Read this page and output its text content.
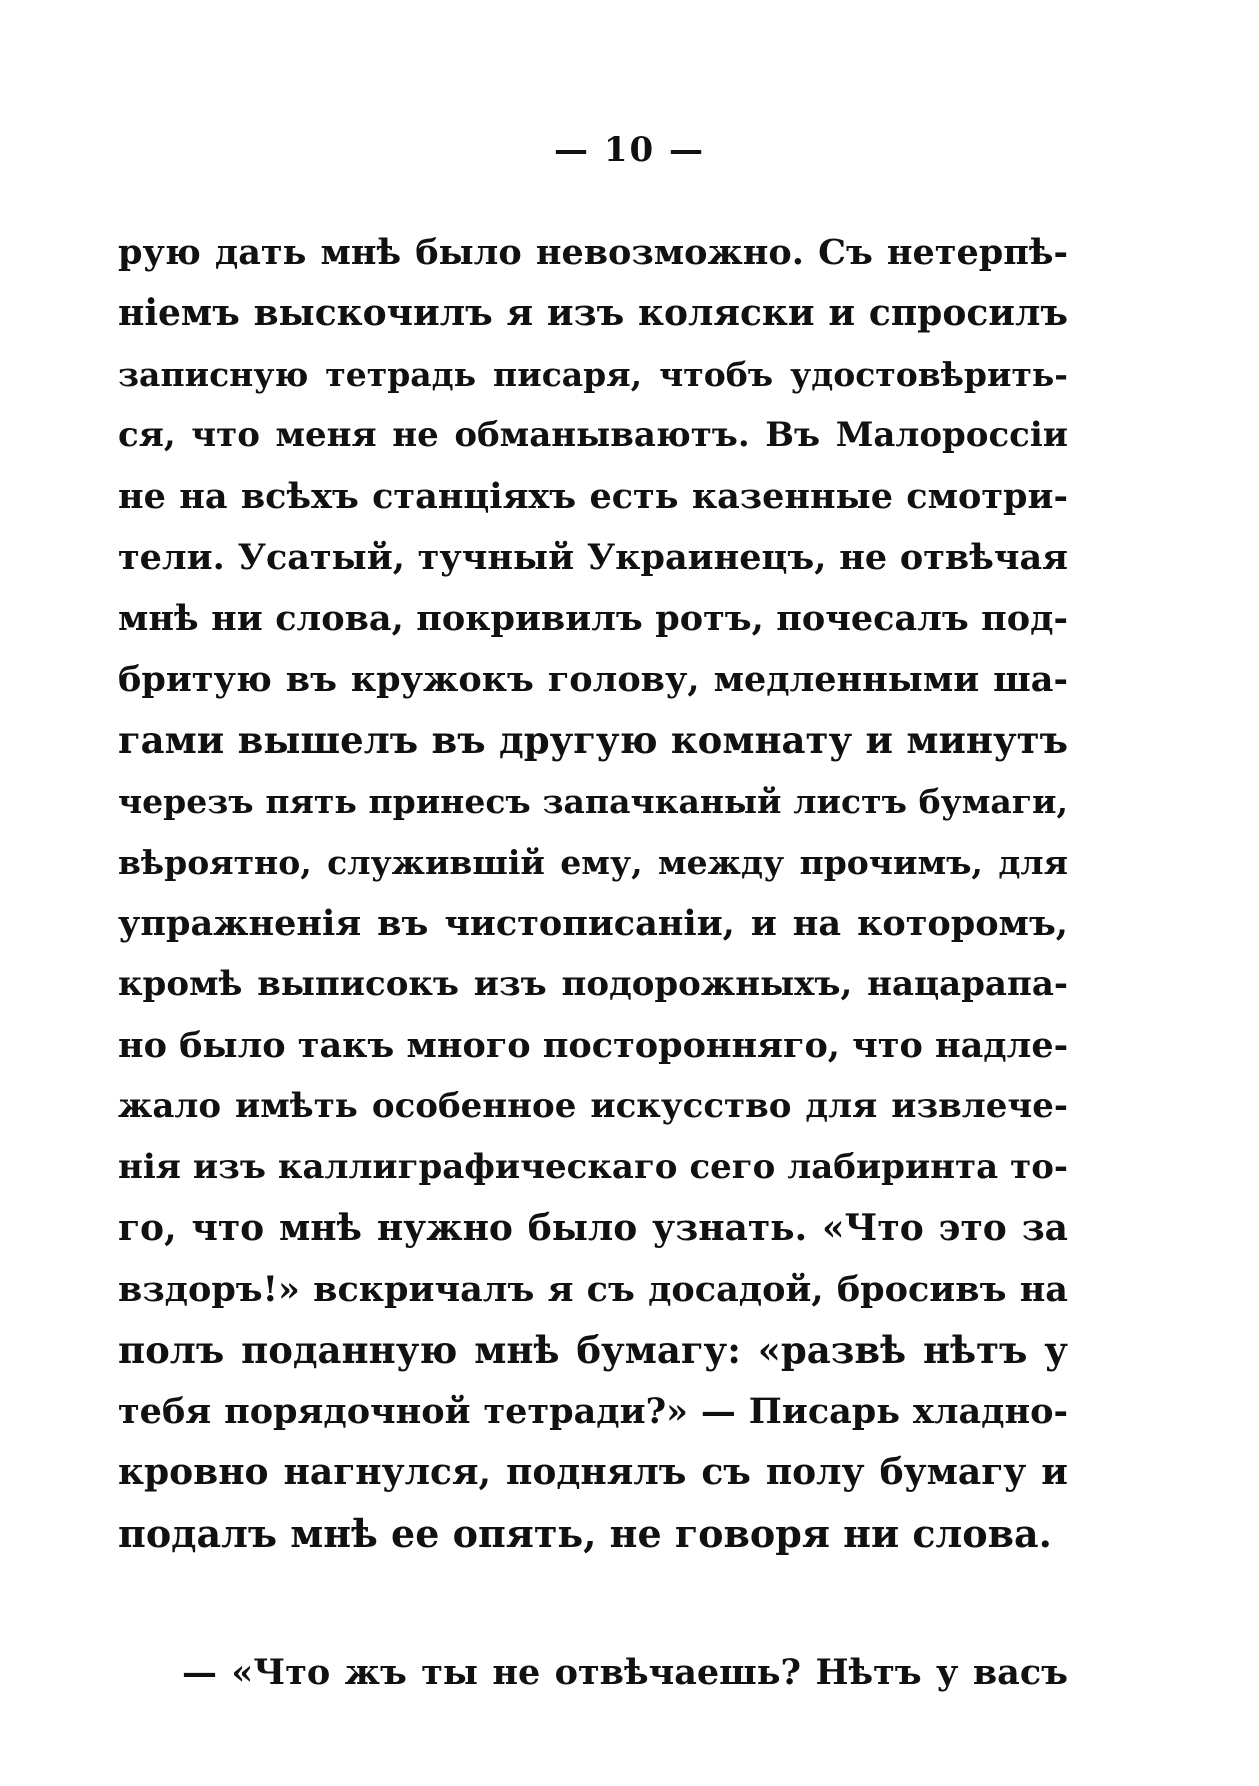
— 10 —
рую дать мнѣ было невозможно. Съ нетерпѣ-
ніемъ выскочилъ я изъ коляски и спросилъ
записную тетрадь писаря, чтобъ удостовѣрить-
ся, что меня не обманываютъ. Въ Малороссіи
не на всѣхъ станціяхъ есть казенные смотри-
тели. Усатый, тучный Украинецъ, не отвѣчая
мнѣ ни слова, покривилъ ротъ, почесалъ под-
бритую въ кружокъ голову, медленными ша-
гами вышелъ въ другую комнату и минутъ
черезъ пять принесъ запачканый листъ бумаги,
вѣроятно, служившій ему, между прочимъ, для
упражненія въ чистописаніи, и на которомъ,
кромѣ выписокъ изъ подорожныхъ, нацарапа-
но было такъ много посторонняго, что надле-
жало имѣть особенное искусство для извлече-
нія изъ каллиграфическаго сего лабиринта то-
го, что мнѣ нужно было узнать. «Что это за
вздоръ!» вскричалъ я съ досадой, бросивъ на
полъ поданную мнѣ бумагу: «развѣ нѣтъ у
тебя порядочной тетради?» — Писарь хладно-
кровно нагнулся, поднялъ съ полу бумагу и
подалъ мнѣ ее опять, не говоря ни слова.
— «Что жъ ты не отвѣчаешь? Нѣтъ у васъ
